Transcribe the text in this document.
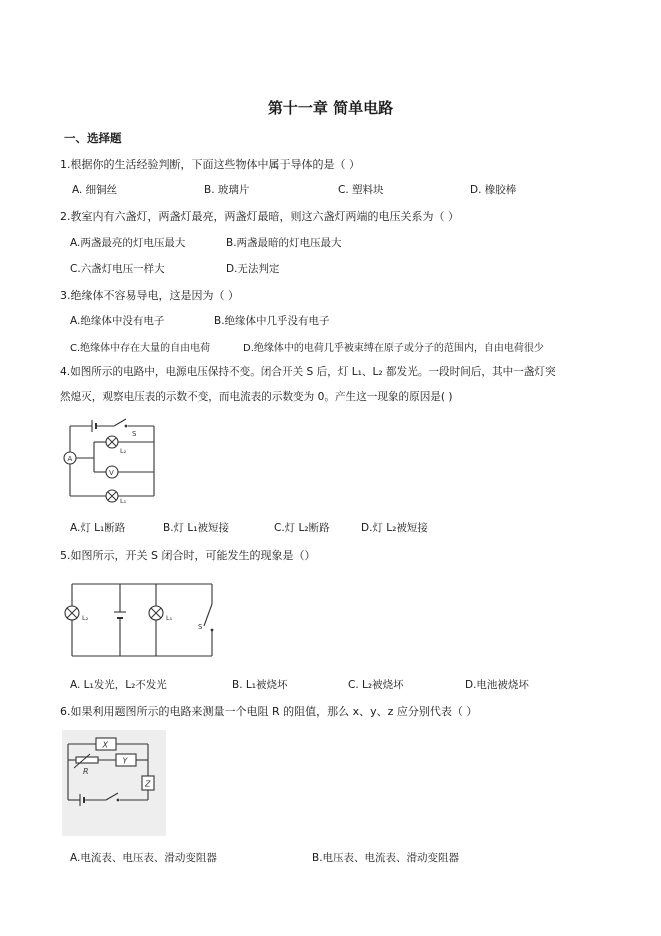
第十一章 简单电路
一、选择题
1.根据你的生活经验判断，下面这些物体中属于导体的是（ ）
A. 细铜丝	B. 玻璃片	C. 塑料块	D. 橡胶棒
2.教室内有六盏灯，两盏灯最亮，两盏灯最暗，则这六盏灯两端的电压关系为（ ）
A.两盏最亮的灯电压最大	B.两盏最暗的灯电压最大
C.六盏灯电压一样大	D.无法判定
3.绝缘体不容易导电，这是因为（ ）
A.绝缘体中没有电子	B.绝缘体中几乎没有电子
C.绝缘体中存在大量的自由电荷	D.绝缘体中的电荷几乎被束缚在原子或分子的范围内，自由电荷很少
4.如图所示的电路中，电源电压保持不变。闭合开关 S 后，灯 L₁、L₂ 都发光。一段时间后，其中一盏灯突
然熄灭，观察电压表的示数不变，而电流表的示数变为 0。产生这一现象的原因是( )
S
L₂
A
V
L₁
A.灯 L₁断路	B.灯 L₁被短接	C.灯 L₂断路	D.灯 L₂被短接
5.如图所示，开关 S 闭合时，可能发生的现象是（）
L₂	L₁
S
A. L₁发光，L₂不发光	B. L₁被烧坏	C. L₂被烧坏	D.电池被烧坏
6.如果利用题图所示的电路来测量一个电阻 R 的阻值，那么 x、y、z 应分别代表（ ）
X
R
Y
Z
A.电流表、电压表、滑动变阻器	B.电压表、电流表、滑动变阻器
